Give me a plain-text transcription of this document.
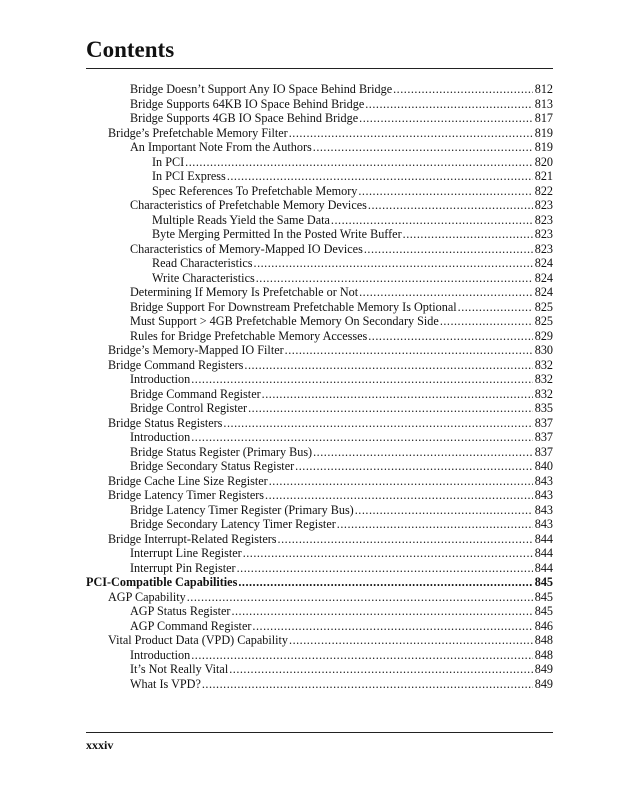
Contents
Bridge Doesn’t Support Any IO Space Behind Bridge .....	812
Bridge Supports 64KB IO Space Behind Bridge .....	813
Bridge Supports 4GB IO Space Behind Bridge .....	817
Bridge’s Prefetchable Memory Filter .....	819
An Important Note From the Authors .....	819
In PCI .....	820
In PCI Express .....	821
Spec References To Prefetchable Memory .....	822
Characteristics of Prefetchable Memory Devices .....	823
Multiple Reads Yield the Same Data .....	823
Byte Merging Permitted In the Posted Write Buffer .....	823
Characteristics of Memory-Mapped IO Devices .....	823
Read Characteristics .....	824
Write Characteristics .....	824
Determining If Memory Is Prefetchable or Not .....	824
Bridge Support For Downstream Prefetchable Memory Is Optional .....	825
Must Support > 4GB Prefetchable Memory On Secondary Side .....	825
Rules for Bridge Prefetchable Memory Accesses .....	829
Bridge’s Memory-Mapped IO Filter .....	830
Bridge Command Registers .....	832
Introduction .....	832
Bridge Command Register .....	832
Bridge Control Register .....	835
Bridge Status Registers .....	837
Introduction .....	837
Bridge Status Register (Primary Bus) .....	837
Bridge Secondary Status Register .....	840
Bridge Cache Line Size Register .....	843
Bridge Latency Timer Registers .....	843
Bridge Latency Timer Register (Primary Bus) .....	843
Bridge Secondary Latency Timer Register .....	843
Bridge Interrupt-Related Registers .....	844
Interrupt Line Register .....	844
Interrupt Pin Register .....	844
PCI-Compatible Capabilities .....	845
AGP Capability .....	845
AGP Status Register .....	845
AGP Command Register .....	846
Vital Product Data (VPD) Capability .....	848
Introduction .....	848
It’s Not Really Vital .....	849
What Is VPD? .....	849
xxxiv
